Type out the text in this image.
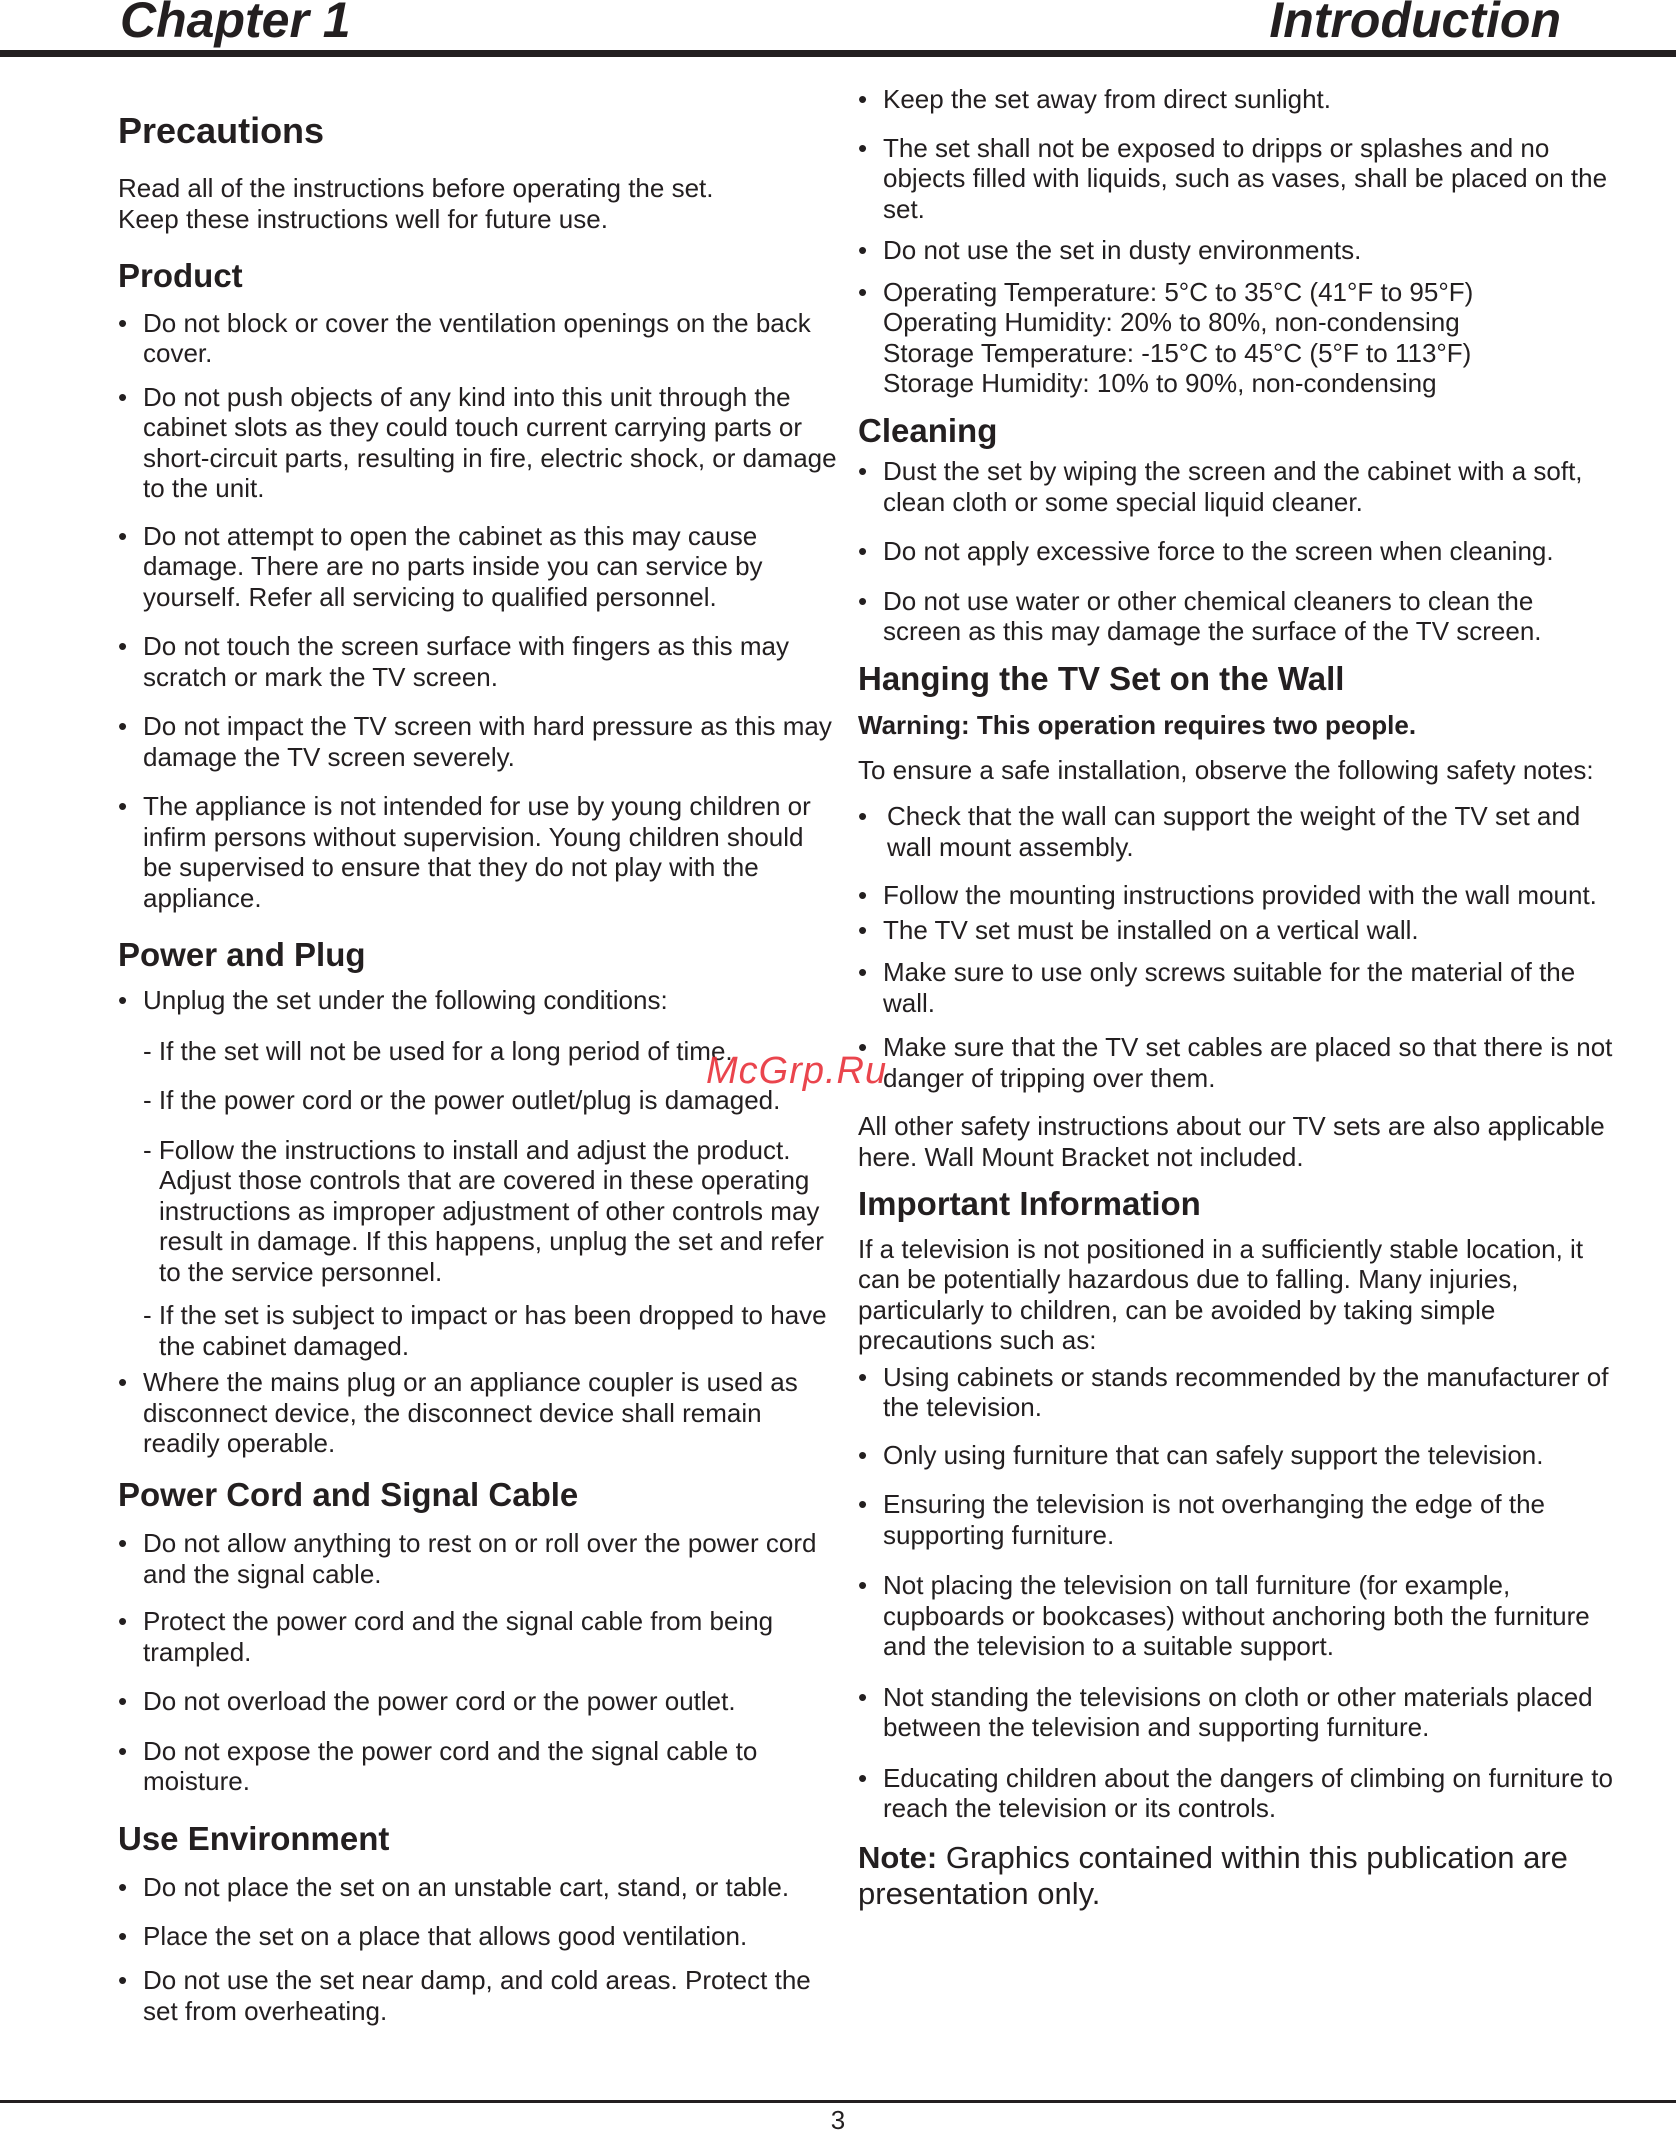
Chapter 1	Introduction
Precautions

Read all of the instructions before operating the set.

Keep these instructions well for future use.

Product
• Do not block or cover the ventilation openings on the back cover.
• Do not push objects of any kind into this unit through the cabinet slots as they could touch current carrying parts or short-circuit parts, resulting in fire, electric shock, or damage to the unit.
• Do not attempt to open the cabinet as this may cause damage. There are no parts inside you can service by yourself. Refer all servicing to qualified personnel.
• Do not touch the screen surface with fingers as this may scratch or mark the TV screen.
• Do not impact the TV screen with hard pressure as this may damage the TV screen severely.
• The appliance is not intended for use by young children or infirm persons without supervision. Young children should be supervised to ensure that they do not play with the appliance.
Power and Plug
• Unplug the set under the following conditions:
- If the set will not be used for a long period of time.
- If the power cord or the power outlet/plug is damaged.
- Follow the instructions to install and adjust the product. Adjust those controls that are covered in these operating instructions as improper adjustment of other controls may result in damage. If this happens, unplug the set and refer to the service personnel.
- If the set is subject to impact or has been dropped to have the cabinet damaged.
• Where the mains plug or an appliance coupler is used as disconnect device, the disconnect device shall remain readily operable.
Power Cord and Signal Cable
• Do not allow anything to rest on or roll over the power cord and the signal cable.
• Protect the power cord and the signal cable from being trampled.
• Do not overload the power cord or the power outlet.
• Do not expose the power cord and the signal cable to moisture.
Use Environment
• Do not place the set on an unstable cart, stand, or table.
• Place the set on a place that allows good ventilation.
• Do not use the set near damp, and cold areas. Protect the set from overheating.
• Keep the set away from direct sunlight.
• The set shall not be exposed to dripps or splashes and no objects filled with liquids, such as vases, shall be placed on the set.
• Do not use the set in dusty environments.
• Operating Temperature: 5°C to 35°C (41°F to 95°F)
Operating Humidity: 20% to 80%, non-condensing
Storage Temperature: -15°C to 45°C (5°F to 113°F)
Storage Humidity: 10% to 90%, non-condensing
Cleaning
• Dust the set by wiping the screen and the cabinet with a soft, clean cloth or some special liquid cleaner.
• Do not apply excessive force to the screen when cleaning.
• Do not use water or other chemical cleaners to clean the screen as this may damage the surface of the TV screen.
Hanging the TV Set on the Wall

Warning: This operation requires two people.

To ensure a safe installation, observe the following safety notes:

• Check that the wall can support the weight of the TV set and wall mount assembly.
• Follow the mounting instructions provided with the wall mount.
• The TV set must be installed on a vertical wall.
• Make sure to use only screws suitable for the material of the wall.
• Make sure that the TV set cables are placed so that there is not danger of tripping over them.

All other safety instructions about our TV sets are also applicable here. Wall Mount Bracket not included.

Important Information

If a television is not positioned in a sufficiently stable location, it can be potentially hazardous due to falling. Many injuries, particularly to children, can be avoided by taking simple precautions such as:

• Using cabinets or stands recommended by the manufacturer of the television.
• Only using furniture that can safely support the television.
• Ensuring the television is not overhanging the edge of the supporting furniture.
• Not placing the television on tall furniture (for example, cupboards or bookcases) without anchoring both the furniture and the television to a suitable support.
• Not standing the televisions on cloth or other materials placed between the television and supporting furniture.
• Educating children about the dangers of climbing on furniture to reach the television or its controls.

Note: Graphics contained within this publication are presentation only.

McGrp.Ru
3
